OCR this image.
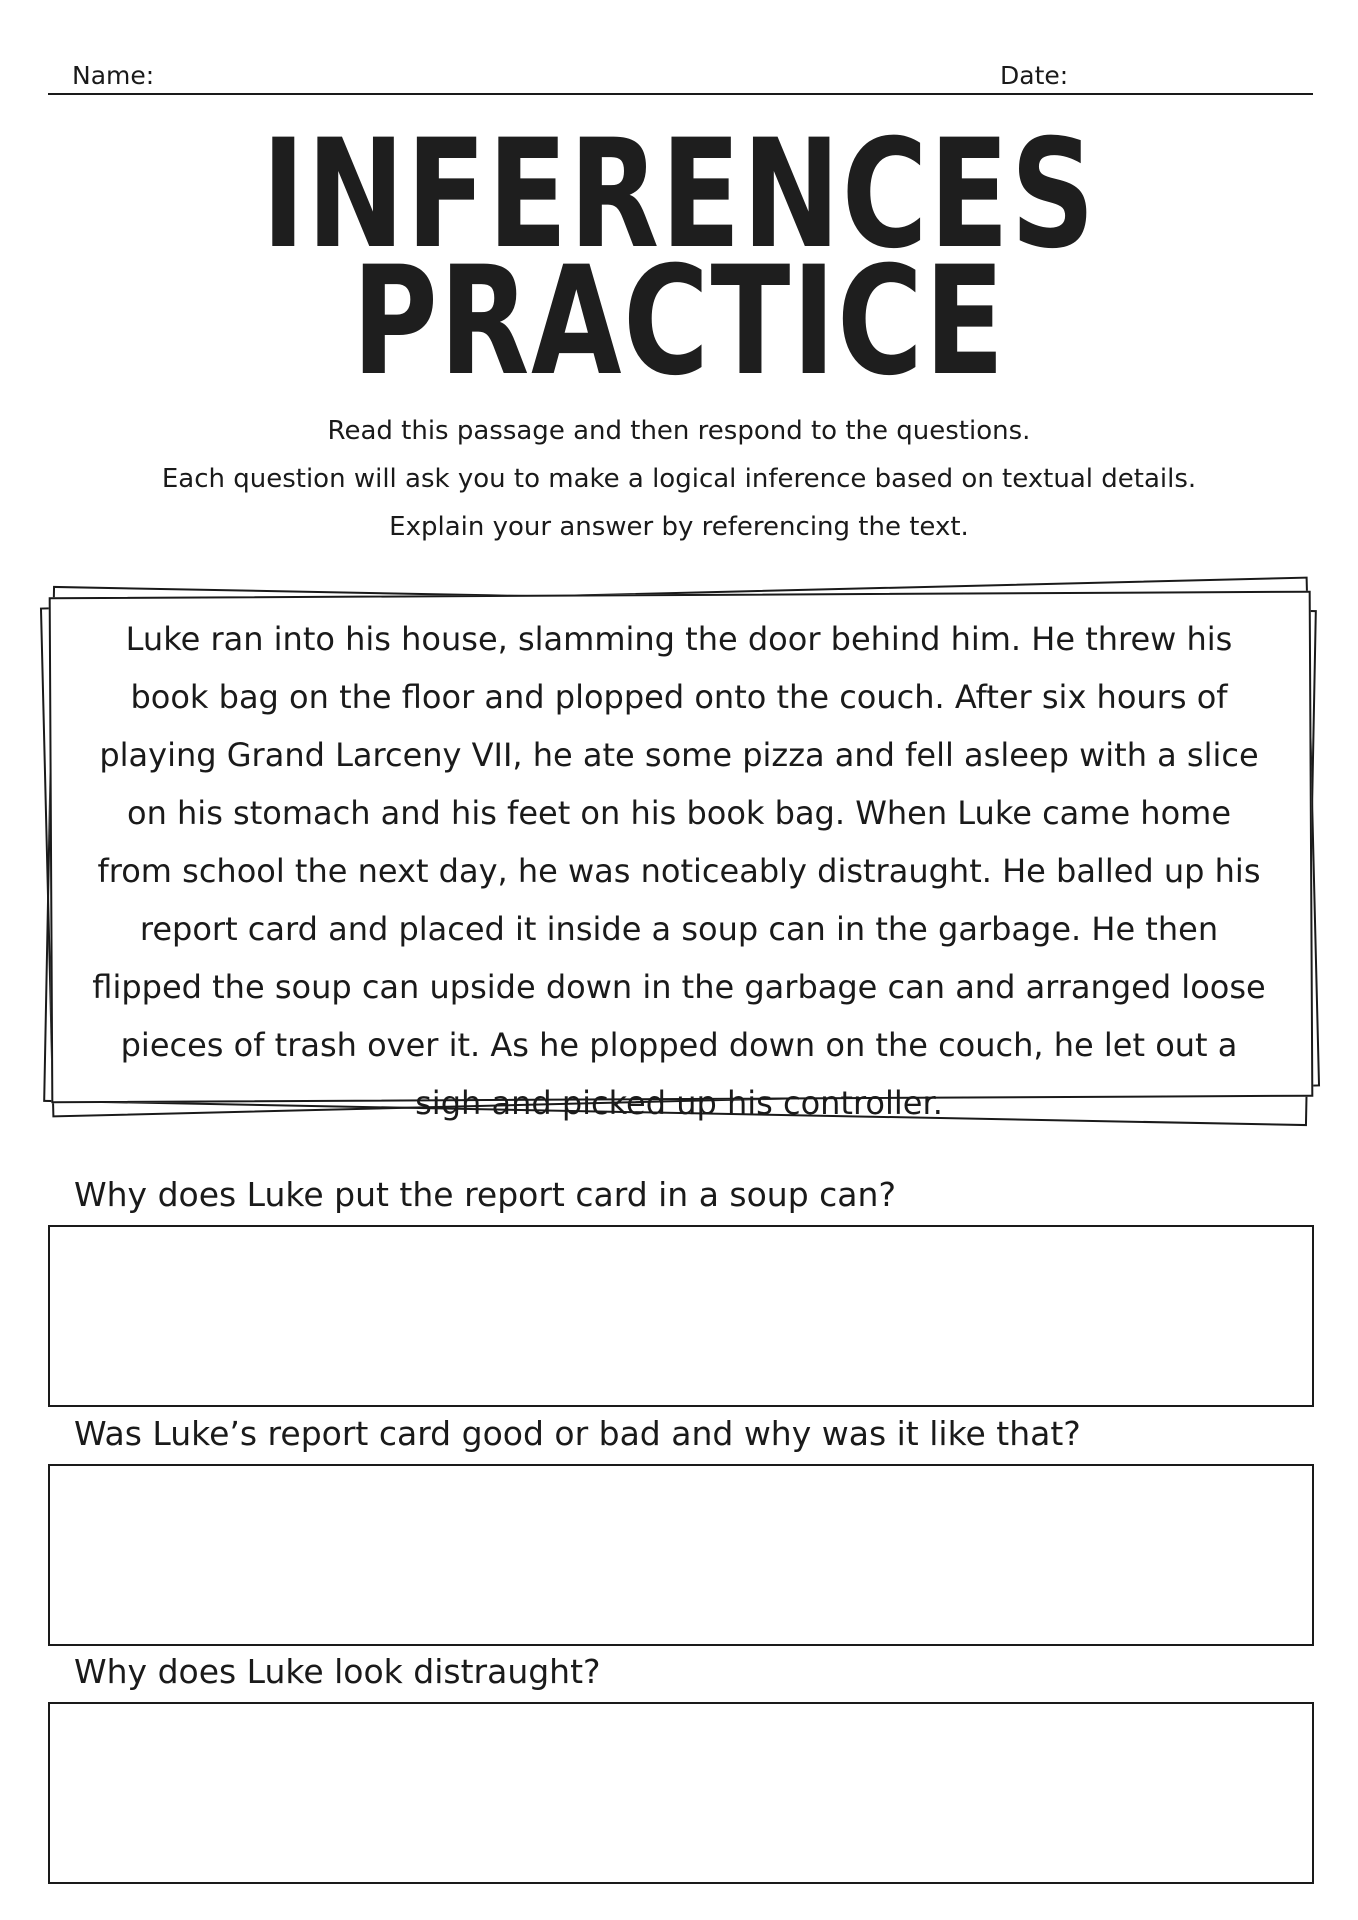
Name:	Date:
INFERENCES
PRACTICE
Read this passage and then respond to the questions.
Each question will ask you to make a logical inference based on textual details.
Explain your answer by referencing the text.
Luke ran into his house, slamming the door behind him. He threw his book bag on the floor and plopped onto the couch. After six hours of playing Grand Larceny VII, he ate some pizza and fell asleep with a slice on his stomach and his feet on his book bag. When Luke came home from school the next day, he was noticeably distraught. He balled up his report card and placed it inside a soup can in the garbage. He then flipped the soup can upside down in the garbage can and arranged loose pieces of trash over it. As he plopped down on the couch, he let out a sigh and picked up his controller.
Why does Luke put the report card in a soup can?
Was Luke’s report card good or bad and why was it like that?
Why does Luke look distraught?
